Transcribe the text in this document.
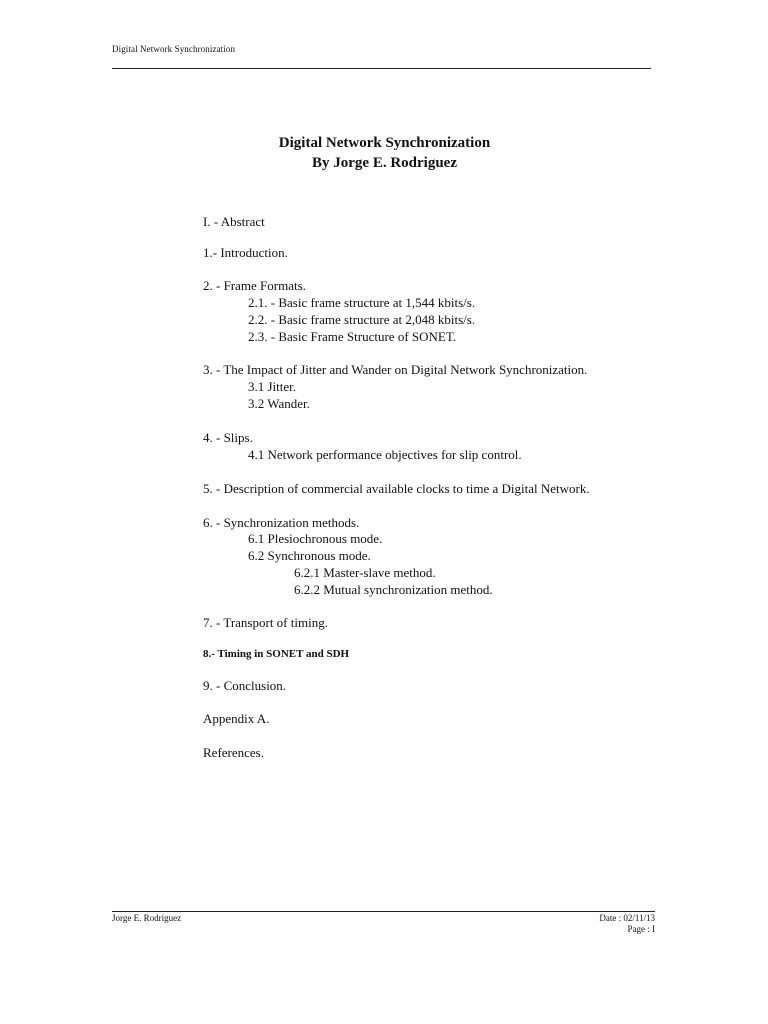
Digital Network Synchronization
Digital Network Synchronization
By Jorge E. Rodriguez
I. - Abstract
1.- Introduction.
2. - Frame Formats.
2.1. - Basic frame structure at 1,544 kbits/s.
2.2. - Basic frame structure at 2,048 kbits/s.
2.3. - Basic Frame Structure of SONET.
3. - The Impact of Jitter and Wander on Digital Network Synchronization.
3.1 Jitter.
3.2 Wander.
4. - Slips.
4.1 Network performance objectives for slip control.
5. - Description of commercial available clocks to time a Digital Network.
6. - Synchronization methods.
6.1 Plesiochronous mode.
6.2 Synchronous mode.
6.2.1 Master-slave method.
6.2.2 Mutual synchronization method.
7. - Transport of timing.
8.- Timing in SONET and SDH
9. - Conclusion.
Appendix A.
References.
Jorge E. Rodriguez	Date : 02/11/13
Page : I
